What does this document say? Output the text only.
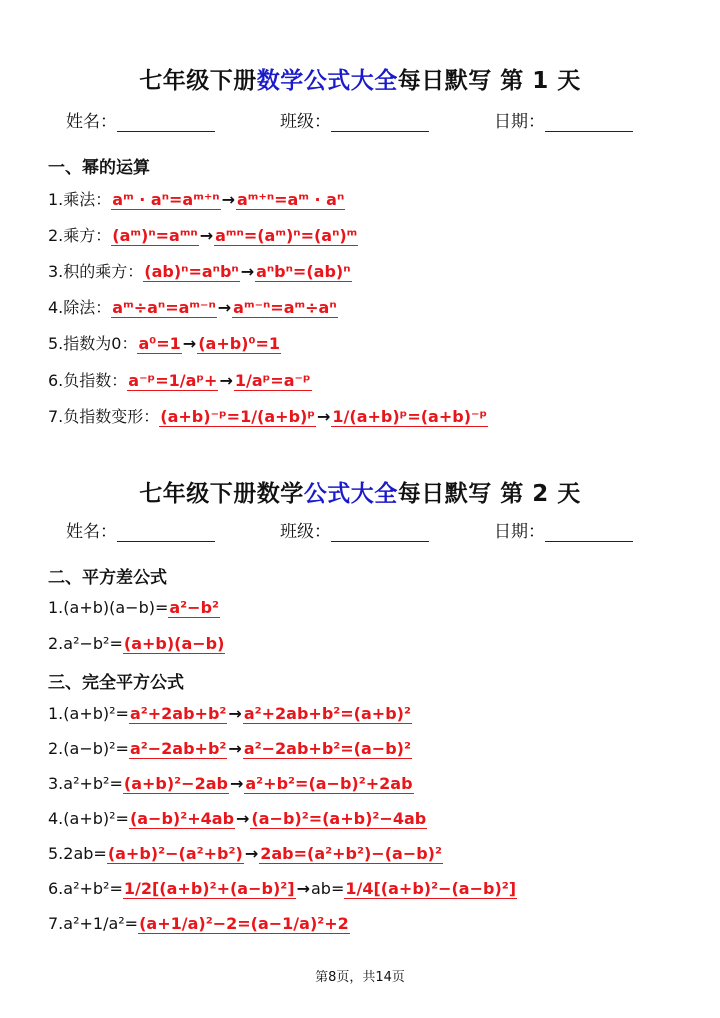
七年级下册数学公式大全每日默写 第 1 天
姓名：	班级：	日期：
一、幂的运算
1.乘法：aᵐ · aⁿ=aᵐ⁺ⁿ → aᵐ⁺ⁿ=aᵐ · aⁿ
2.乘方：(aᵐ)ⁿ=aᵐⁿ → aᵐⁿ=(aᵐ)ⁿ=(aⁿ)ᵐ
3.积的乘方：(ab)ⁿ=aⁿbⁿ → aⁿbⁿ=(ab)ⁿ
4.除法：aᵐ÷aⁿ=aᵐ⁻ⁿ → aᵐ⁻ⁿ=aᵐ÷aⁿ
5.指数为0：a⁰=1 → (a+b)⁰=1
6.负指数：a⁻ᵖ=1/aᵖ+ → 1/aᵖ=a⁻ᵖ
7.负指数变形：(a+b)⁻ᵖ=1/(a+b)ᵖ → 1/(a+b)ᵖ=(a+b)⁻ᵖ
七年级下册数学公式大全每日默写 第 2 天
姓名：	班级：	日期：
二、平方差公式
1.(a+b)(a−b)=a²−b²
2.a²−b²=(a+b)(a−b)
三、完全平方公式
1.(a+b)²=a²+2ab+b² → a²+2ab+b²=(a+b)²
2.(a−b)²=a²−2ab+b² → a²−2ab+b²=(a−b)²
3.a²+b²=(a+b)²−2ab → a²+b²=(a−b)²+2ab
4.(a+b)²=(a−b)²+4ab → (a−b)²=(a+b)²−4ab
5.2ab=(a+b)²−(a²+b²) → 2ab=(a²+b²)−(a−b)²
6.a²+b²=1/2[(a+b)²+(a−b)²] →ab=1/4[(a+b)²−(a−b)²]
7.a²+1/a²=(a+1/a)²−2=(a−1/a)²+2
第8页，共14页
